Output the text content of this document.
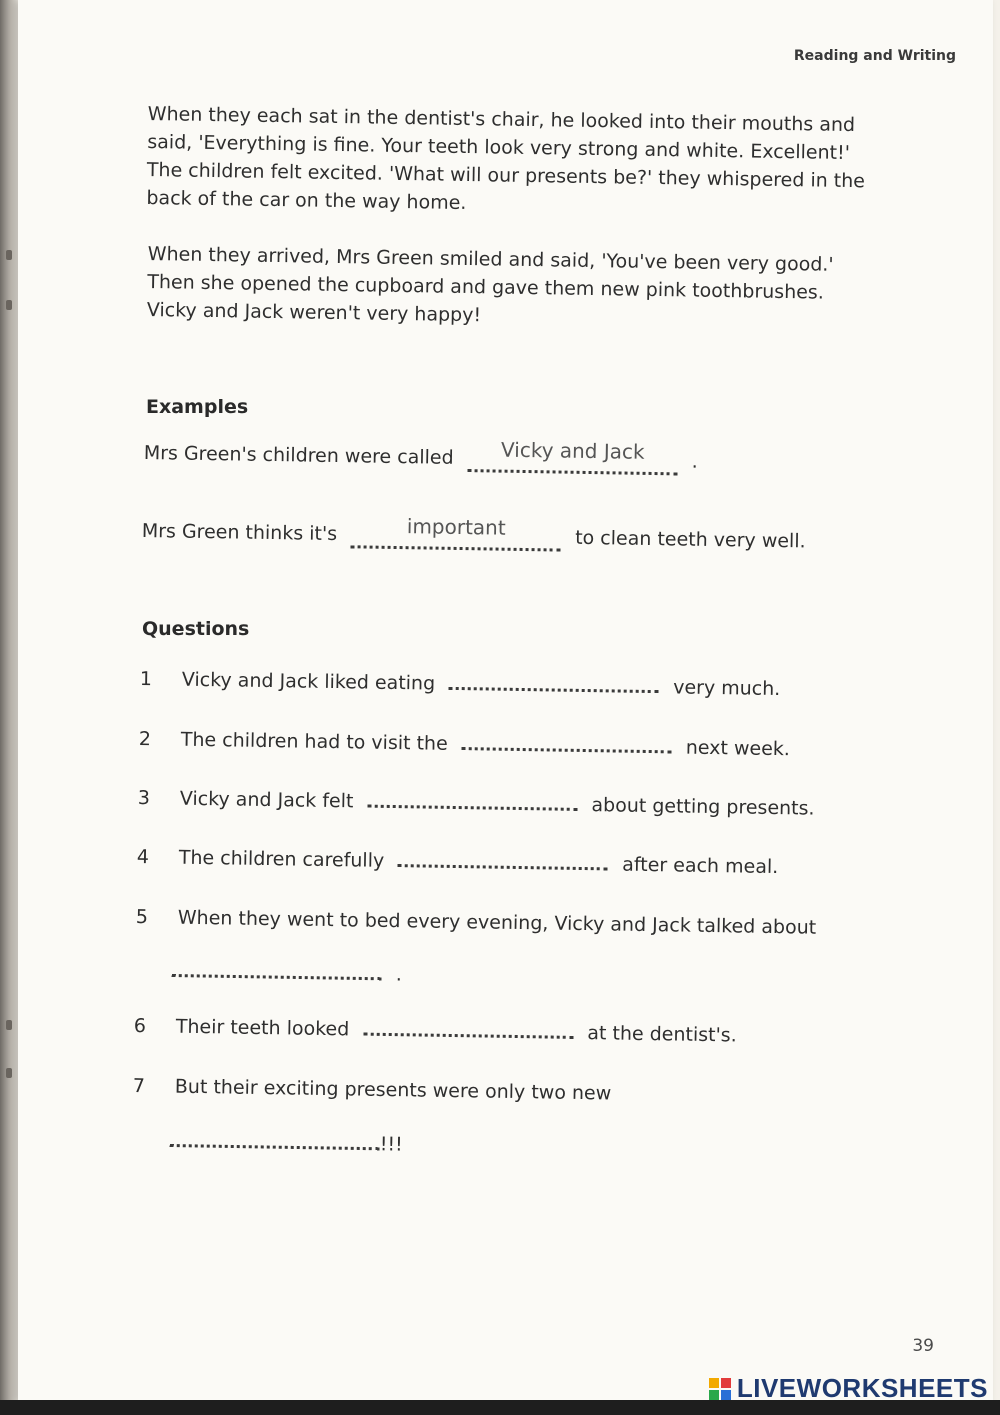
Reading and Writing

When they each sat in the dentist's chair, he looked into their mouths and said, 'Everything is fine. Your teeth look very strong and white. Excellent!' The children felt excited. 'What will our presents be?' they whispered in the back of the car on the way home.

When they arrived, Mrs Green smiled and said, 'You've been very good.' Then she opened the cupboard and gave them new pink toothbrushes. Vicky and Jack weren't very happy!

Examples
Mrs Green's children were called Vicky and Jack .
Mrs Green thinks it's	important	to clean teeth very well.
Questions
1 Vicky and Jack liked eating	very much.
2 The children had to visit the	next week.
3 Vicky and Jack felt	about getting presents.
4 The children carefully	after each meal.
5 When they went to bed every evening, Vicky and Jack talked about
.
6 Their teeth looked	at the dentist's.
7 But their exciting presents were only two new
!!!
39
LIVEWORKSHEETS
